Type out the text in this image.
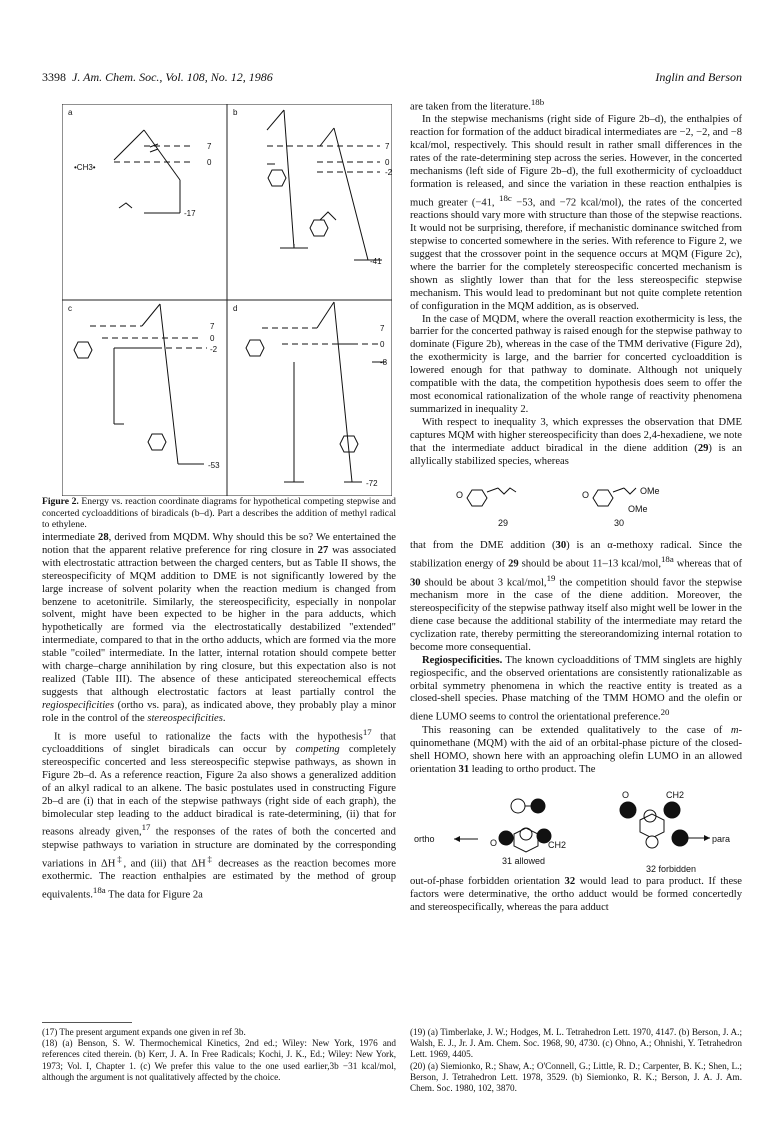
3398 J. Am. Chem. Soc., Vol. 108, No. 12, 1986	Inglin and Berson
a
7
0
-17
•CH3•
b
7
0
-2
-41
c
7
0
-2
-53
d
7
0
-8
-72
Figure 2. Energy vs. reaction coordinate diagrams for hypothetical competing stepwise and concerted cycloadditions of biradicals (b–d). Part a describes the addition of methyl radical to ethylene.

intermediate 28, derived from MQDM. Why should this be so? We entertained the notion that the apparent relative preference for ring closure in 27 was associated with electrostatic attraction between the charged centers, but as Table II shows, the stereospecificity of MQM addition to DME is not significantly lowered by the large increase of solvent polarity when the reaction medium is changed from benzene to acetonitrile. Similarly, the stereospecificity, especially in nonpolar solvent, might have been expected to be higher in the para adducts, which hypothetically are formed via the electrostatically destabilized "extended" intermediate, compared to that in the ortho adducts, which are formed via the more stable "coiled" intermediate. In the latter, internal rotation should compete better with charge–charge annihilation by ring closure, but this expectation also is not realized (Table III). The absence of these anticipated stereochemical effects suggests that although electrostatic factors at least partially control the regiospecificities (ortho vs. para), as indicated above, they probably play a minor role in the control of the stereospecificities.

It is more useful to rationalize the facts with the hypothesis$^{17}$ that cycloadditions of singlet biradicals can occur by competing completely stereospecific concerted and less stereospecific stepwise pathways, as shown in Figure 2b–d. As a reference reaction, Figure 2a also shows a generalized addition of an alkyl radical to an alkene. The basic postulates used in constructing Figure 2b–d are (i) that in each of the stepwise pathways (right side of each graph), the bimolecular step leading to the adduct biradical is rate-determining, (ii) that for reasons already given,$^{17}$ the responses of the rates of both the concerted and stepwise pathways to variation in structure are dominated by the corresponding variations in ΔH‡, and (iii) that ΔH‡ decreases as the reaction becomes more exothermic. The reaction enthalpies are estimated by the method of group equivalents.$^{18a}$ The data for Figure 2a

are taken from the literature.$^{18b}$

In the stepwise mechanisms (right side of Figure 2b–d), the enthalpies of reaction for formation of the adduct biradical intermediates are −2, −2, and −8 kcal/mol, respectively. This should result in rather small differences in the rates of the rate-determining step across the series. However, in the concerted mechanisms (left side of Figure 2b–d), the full exothermicity of cycloadduct formation is released, and since the variation in these reaction enthalpies is much greater (−41, $^{18c}$ −53, and −72 kcal/mol), the rates of the concerted reactions should vary more with structure than those of the stepwise reactions. It would not be surprising, therefore, if mechanistic dominance switched from stepwise to concerted somewhere in the series. With reference to Figure 2, we suggest that the crossover point in the sequence occurs at MQM (Figure 2c), where the barrier for the completely stereospecific concerted mechanism is shown as slightly lower than that for the less stereospecific stepwise mechanism. This would lead to predominant but not quite complete retention of configuration in the MQM addition, as is observed.

In the case of MQDM, where the overall reaction exothermicity is less, the barrier for the concerted pathway is raised enough for the stepwise pathway to dominate (Figure 2b), whereas in the case of the TMM derivative (Figure 2d), the exothermicity is large, and the barrier for concerted cycloaddition is lowered enough for that pathway to dominate. Although not uniquely compatible with the data, the competition hypothesis does seem to offer the most economical rationalization of the whole range of reactivity phenomena summarized in inequality 2.

With respect to inequality 3, which expresses the observation that DME captures MQM with higher stereospecificity than does 2,4-hexadiene, we note that the intermediate adduct biradical in the diene addition (29) is an allylically stabilized species, whereas

O
29
O	OMe
OMe
30

that from the DME addition (30) is an α-methoxy radical. Since the stabilization energy of 29 should be about 11–13 kcal/mol,$^{18a}$ whereas that of 30 should be about 3 kcal/mol,$^{19}$ the competition should favor the stepwise mechanism more in the case of the diene addition. Moreover, the stereospecificity of the stepwise pathway itself also might well be lower in the diene case because the additional stability of the intermediate may retard the cyclization rate, thereby permitting the stereorandomizing internal rotation to become more consequential.

Regiospecificities. The known cycloadditions of TMM singlets are highly regiospecific, and the observed orientations are consistently rationalizable as orbital symmetry phenomena in which the reactive entity is treated as a closed-shell species. Phase matching of the TMM HOMO and the olefin or diene LUMO seems to control the orientational preference.$^{20}$

This reasoning can be extended qualitatively to the case of m-quinomethane (MQM) with the aid of an orbital-phase picture of the closed-shell HOMO, shown here with an approaching olefin LUMO in an allowed orientation 31 leading to ortho product. The

ortho	O	CH2
31 allowed
O	CH2
para
32 forbidden

out-of-phase forbidden orientation 32 would lead to para product. If these factors were determinative, the ortho adduct would be formed concertedly and stereospecifically, whereas the para adduct

(17) The present argument expands one given in ref 3b.
(18) (a) Benson, S. W. Thermochemical Kinetics, 2nd ed.; Wiley: New York, 1976 and references cited therein. (b) Kerr, J. A. In Free Radicals; Kochi, J. K., Ed.; Wiley: New York, 1973; Vol. I, Chapter 1. (c) We prefer this value to the one used earlier,3b −31 kcal/mol, although the argument is not qualitatively affected by the choice.
(19) (a) Timberlake, J. W.; Hodges, M. L. Tetrahedron Lett. 1970, 4147. (b) Berson, J. A.; Walsh, E. J., Jr. J. Am. Chem. Soc. 1968, 90, 4730. (c) Ohno, A.; Ohnishi, Y. Tetrahedron Lett. 1969, 4405.
(20) (a) Siemionko, R.; Shaw, A.; O'Connell, G.; Little, R. D.; Carpenter, B. K.; Shen, L.; Berson, J. Tetrahedron Lett. 1978, 3529. (b) Siemionko, R. K.; Berson, J. A. J. Am. Chem. Soc. 1980, 102, 3870.
